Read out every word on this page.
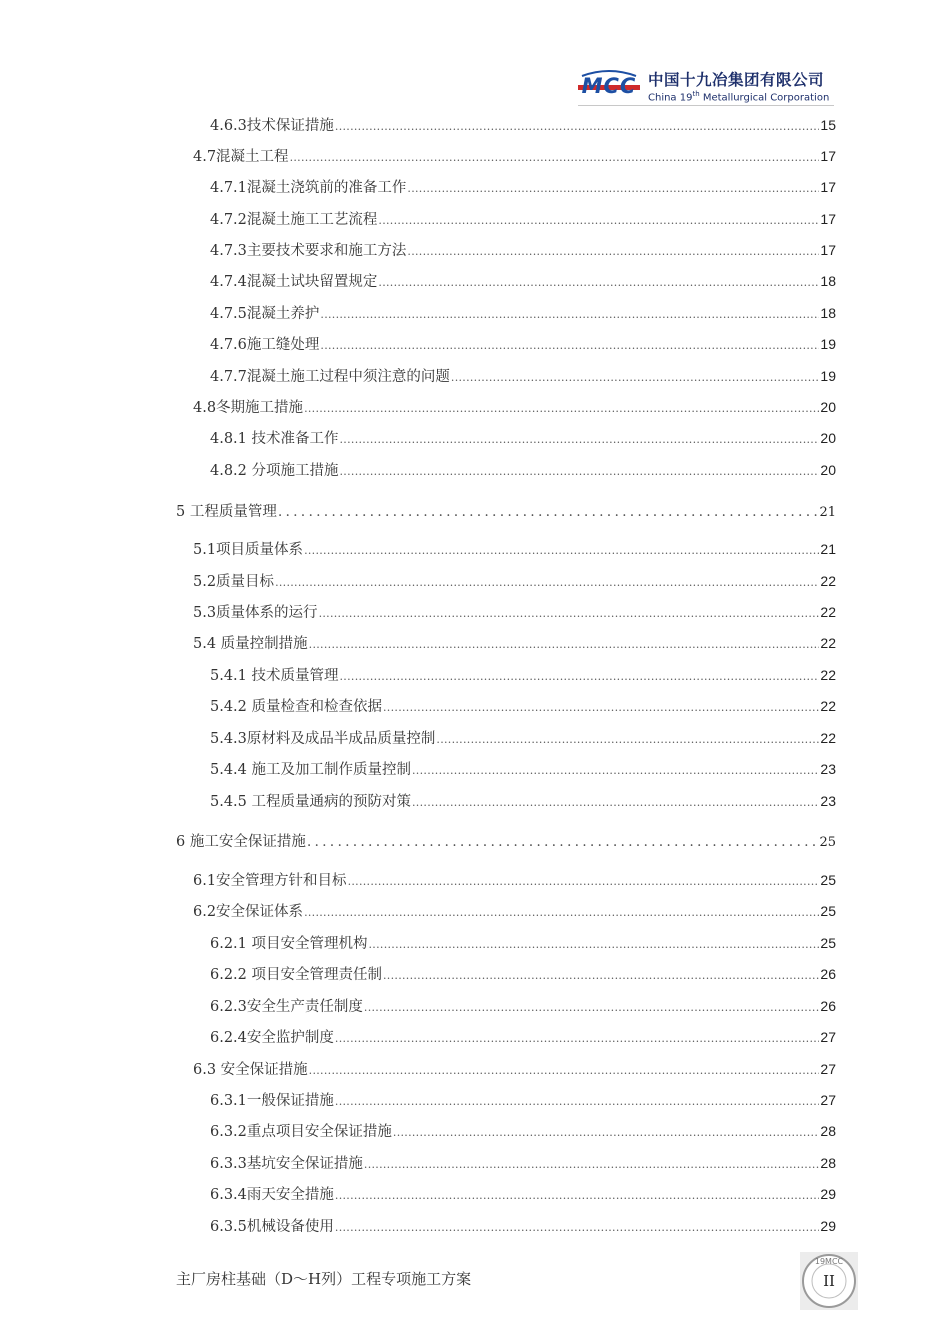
MCC 中国十九冶集团有限公司
China 19th Metallurgical Corporation
4.6.3技术保证措施 .....	15
4.7混凝土工程 .....	17
4.7.1混凝土浇筑前的准备工作 .....	17
4.7.2混凝土施工工艺流程 .....	17
4.7.3主要技术要求和施工方法 .....	17
4.7.4混凝土试块留置规定 .....	18
4.7.5混凝土养护 .....	18
4.7.6施工缝处理 .....	19
4.7.7混凝土施工过程中须注意的问题 .....	19
4.8冬期施工措施 .....	20
4.8.1 技术准备工作 .....	20
4.8.2 分项施工措施 .....	20
5 工程质量管理 .....	21
5.1项目质量体系 .....	21
5.2质量目标 .....	22
5.3质量体系的运行 .....	22
5.4 质量控制措施 .....	22
5.4.1 技术质量管理 .....	22
5.4.2 质量检查和检查依据 .....	22
5.4.3原材料及成品半成品质量控制 .....	22
5.4.4 施工及加工制作质量控制 .....	23
5.4.5 工程质量通病的预防对策 .....	23
6 施工安全保证措施 .....	25
6.1安全管理方针和目标 .....	25
6.2安全保证体系 .....	25
6.2.1 项目安全管理机构 .....	25
6.2.2 项目安全管理责任制 .....	26
6.2.3安全生产责任制度 .....	26
6.2.4安全监护制度 .....	27
6.3 安全保证措施 .....	27
6.3.1一般保证措施 .....	27
6.3.2重点项目安全保证措施 .....	28
6.3.3基坑安全保证措施 .....	28
6.3.4雨天安全措施 .....	29
6.3.5机械设备使用 .....	29
主厂房柱基础（D～H列）工程专项施工方案
19MCC
II
